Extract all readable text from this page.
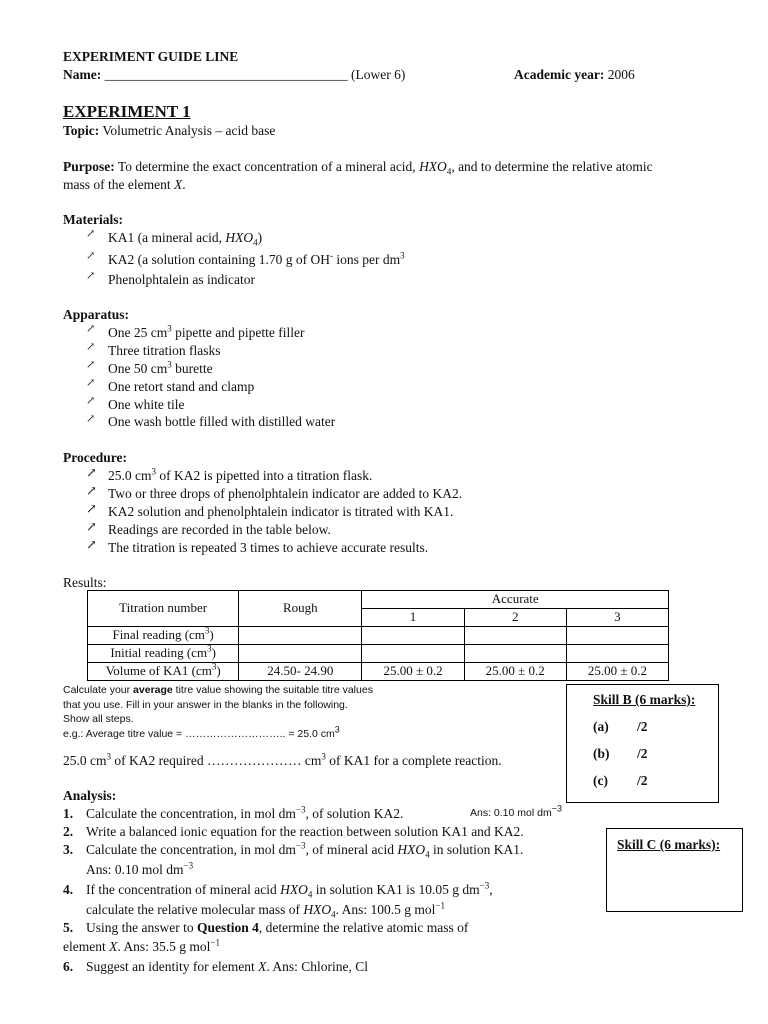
EXPERIMENT GUIDE LINE
Name: ____________________________________ (Lower 6)	Academic year: 2006
EXPERIMENT 1
Topic: Volumetric Analysis – acid base
Purpose: To determine the exact concentration of a mineral acid, $HXO_4$, and to determine the relative atomic
mass of the element X.
Materials:
↗ KA1 (a mineral acid, $HXO_4$)
↗ KA2 (a solution containing 1.70 g of OH- ions per $dm^3$
↗ Phenolphtalein as indicator
Apparatus:
↗ One 25 $cm^3$ pipette and pipette filler
↗ Three titration flasks
↗ One 50 $cm^3$ burette
↗ One retort stand and clamp
↗ One white tile
↗ One wash bottle filled with distilled water
Procedure:
↗ 25.0 $cm^3$ of KA2 is pipetted into a titration flask.
↗ Two or three drops of phenolphtalein indicator are added to KA2.
↗ KA2 solution and phenolphtalein indicator is titrated with KA1.
↗ Readings are recorded in the table below.
↗ The titration is repeated 3 times to achieve accurate results.
Results:
Titration number	Rough	Accurate		
		1	2	3
Final reading $(cm^3)$				
Initial reading $(cm^3)$				
Volume of KA1 $(cm^3)$	24.50- 24.90	25.00 ± 0.2	25.00 ± 0.2	25.00 ± 0.2
Calculate your average titre value showing the suitable titre values
that you use. Fill in your answer in the blanks in the following.
Show all steps.
e.g.: Average titre value = ……………………….. = 25.0 $cm^3$
25.0 $cm^3$ of KA2 required ………………… $cm^3$ of KA1 for a complete reaction.
Skill B (6 marks):
(a) /2
(b) /2
(c) /2
Skill C (6 marks):
Analysis:
1. Calculate the concentration, in mol $dm^{-3}$, of solution KA2.	Ans: 0.10 mol $dm^{-3}$
2. Write a balanced ionic equation for the reaction between solution KA1 and KA2.
3. Calculate the concentration, in mol $dm^{-3}$, of mineral acid $HXO_4$ in solution KA1.
Ans: 0.10 mol $dm^{-3}$
4. If the concentration of mineral acid $HXO_4$ in solution KA1 is 10.05 g $dm^{-3}$,
calculate the relative molecular mass of $HXO_4$. Ans: 100.5 g mol$^{-1}$
5. Using the answer to Question 4, determine the relative atomic mass of
element X. Ans: 35.5 g mol$^{-1}$
6. Suggest an identity for element X. Ans: Chlorine, Cl
